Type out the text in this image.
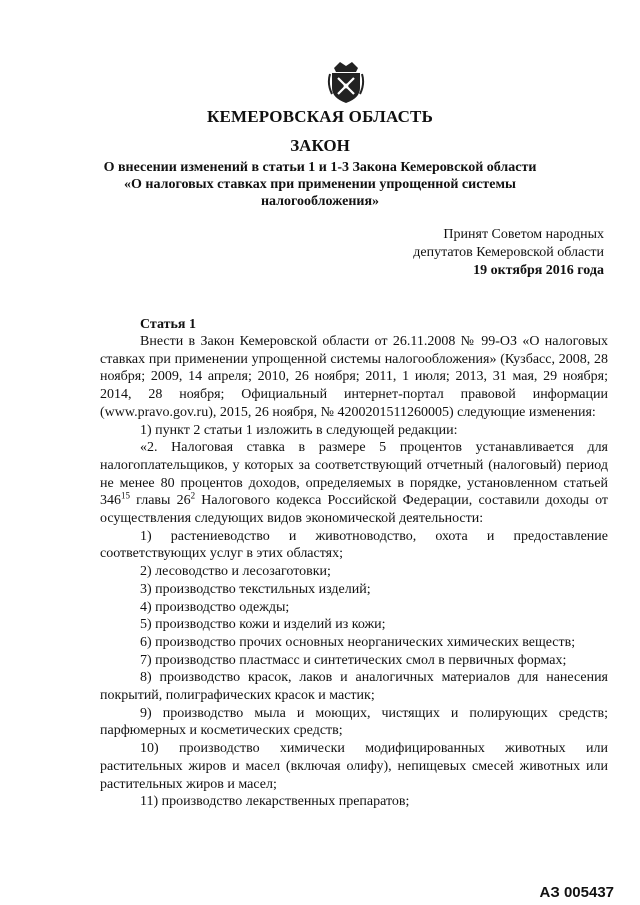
КЕМЕРОВСКАЯ ОБЛАСТЬ
ЗАКОН
О внесении изменений в статьи 1 и 1-3 Закона Кемеровской области
«О налоговых ставках при применении упрощенной системы
налогообложения»
Принят Советом народных
депутатов Кемеровской области
19 октября 2016 года
Статья 1
Внести в Закон Кемеровской области от 26.11.2008 № 99-ОЗ «О налоговых ставках при применении упрощенной системы налогообложения» (Кузбасс, 2008, 28 ноября; 2009, 14 апреля; 2010, 26 ноября; 2011, 1 июля; 2013, 31 мая, 29 ноября; 2014, 28 ноября; Официальный интернет-портал правовой информации (www.pravo.gov.ru), 2015, 26 ноября, № 4200201511260005) следующие изменения:
1) пункт 2 статьи 1 изложить в следующей редакции:
«2. Налоговая ставка в размере 5 процентов устанавливается для налогоплательщиков, у которых за соответствующий отчетный (налоговый) период не менее 80 процентов доходов, определяемых в порядке, установленном статьей $346^{15}$ главы $26^2$ Налогового кодекса Российской Федерации, составили доходы от осуществления следующих видов экономической деятельности:
1) растениеводство и животноводство, охота и предоставление соответствующих услуг в этих областях;
2) лесоводство и лесозаготовки;
3) производство текстильных изделий;
4) производство одежды;
5) производство кожи и изделий из кожи;
6) производство прочих основных неорганических химических веществ;
7) производство пластмасс и синтетических смол в первичных формах;
8) производство красок, лаков и аналогичных материалов для нанесения покрытий, полиграфических красок и мастик;
9) производство мыла и моющих, чистящих и полирующих средств; парфюмерных и косметических средств;
10) производство химически модифицированных животных или растительных жиров и масел (включая олифу), непищевых смесей животных или растительных жиров и масел;
11) производство лекарственных препаратов;
АЗ 005437
